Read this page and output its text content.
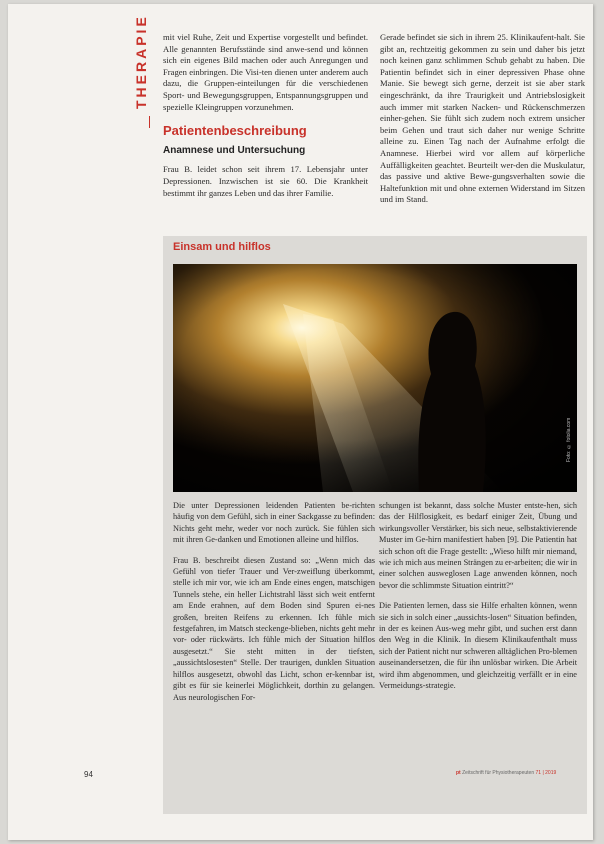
THERAPIE mit viel Ruhe, Zeit und Expertise vorgestellt und befindet. Alle genannten Berufsstände sind anwe-send und können sich ein eigenes Bild machen oder auch Anregungen und Fragen einbringen. Die Visi-ten dienen unter anderem auch dazu, die Gruppen-einteilungen für die verschiedenen Sport- und Bewegungsgruppen, Entspannungsgruppen und spezielle Kleingruppen vorzunehmen.

Patientenbeschreibung
Anamnese und Untersuchung

Frau B. leidet schon seit ihrem 17. Lebensjahr unter Depressionen. Inzwischen ist sie 60. Die Krankheit bestimmt ihr ganzes Leben und das ihrer Familie.

Gerade befindet sie sich in ihrem 25. Klinikaufent-halt. Sie gibt an, rechtzeitig gekommen zu sein und daher bis jetzt noch keinen ganz schlimmen Schub gehabt zu haben. Die Patientin befindet sich in einer depressiven Phase ohne Manie. Sie bewegt sich gerne, derzeit ist sie aber stark eingeschränkt, da ihre Traurigkeit und Antriebslosigkeit auch immer mit starken Nacken- und Rückenschmerzen einher-gehen. Sie fühlt sich zudem noch extrem unsicher beim Gehen und traut sich daher nur wenige Schritte alleine zu. Einen Tag nach der Aufnahme erfolgt die Anamnese. Hierbei wird vor allem auf körperliche Auffälligkeiten geachtet. Beurteilt wer-den die Muskulatur, das passive und aktive Bewe-gungsverhalten sowie die Haltefunktion mit und ohne externen Widerstand im Sitzen und im Stand.

Einsam und hilflos
Foto: © fotolia.com

Die unter Depressionen leidenden Patienten be-richten häufig von dem Gefühl, sich in einer Sackgasse zu befinden: Nichts geht mehr, weder vor noch zurück. Sie fühlen sich mit ihren Ge-danken und Emotionen alleine und hilflos.

Frau B. beschreibt diesen Zustand so: „Wenn mich das Gefühl von tiefer Trauer und Ver-zweiflung überkommt, stelle ich mir vor, wie ich am Ende eines engen, matschigen Tunnels stehe, ein heller Lichtstrahl lässt sich weit entfernt am Ende erahnen, auf dem Boden sind Spuren ei-nes großen, breiten Reifens zu erkennen. Ich fühle mich festgefahren, im Matsch steckenge-blieben, nichts geht mehr vor- oder rückwärts. Ich fühle mich der Situation hilflos ausgesetzt.“ Sie steht mitten in der tiefsten, „aussichtslosesten“ Stelle. Der traurigen, dunklen Situation hilflos ausgesetzt, obwohl das Licht, schon er-kennbar ist, gibt es für sie keinerlei Möglichkeit, dorthin zu gelangen. Aus neurologischen For-

schungen ist bekannt, dass solche Muster entste-hen, sich das der Hilflosigkeit, es bedarf einiger Zeit, Übung und wirkungsvoller Verstärker, bis sich neue, selbstaktivierende Muster im Ge-hirn manifestiert haben [9]. Die Patientin hat sich schon oft die Frage gestellt: „Wieso hilft mir niemand, wie ich mich aus meinen Strängen zu er-arbeiten; die wir in einer solchen ausweglosen Lage anwenden können, noch bevor die schlimmste Situation eintritt?“

Die Patienten lernen, dass sie Hilfe erhalten können, wenn sie sich in solch einer „aussichts-losen“ Situation befinden, in der es keinen Aus-weg mehr gibt, und suchen erst dann den Weg in die Klinik. In diesem Klinikaufenthalt muss sich der Patient nicht nur schweren alltäglichen Pro-blemen auseinandersetzen, die für ihn unlösbar wirken. Die Arbeit wird ihm abgenommen, und gleichzeitig verfällt er in eine Vermeidungs-strategie.

94	pt Zeitschrift für Physiotherapeuten 71 | 2019
